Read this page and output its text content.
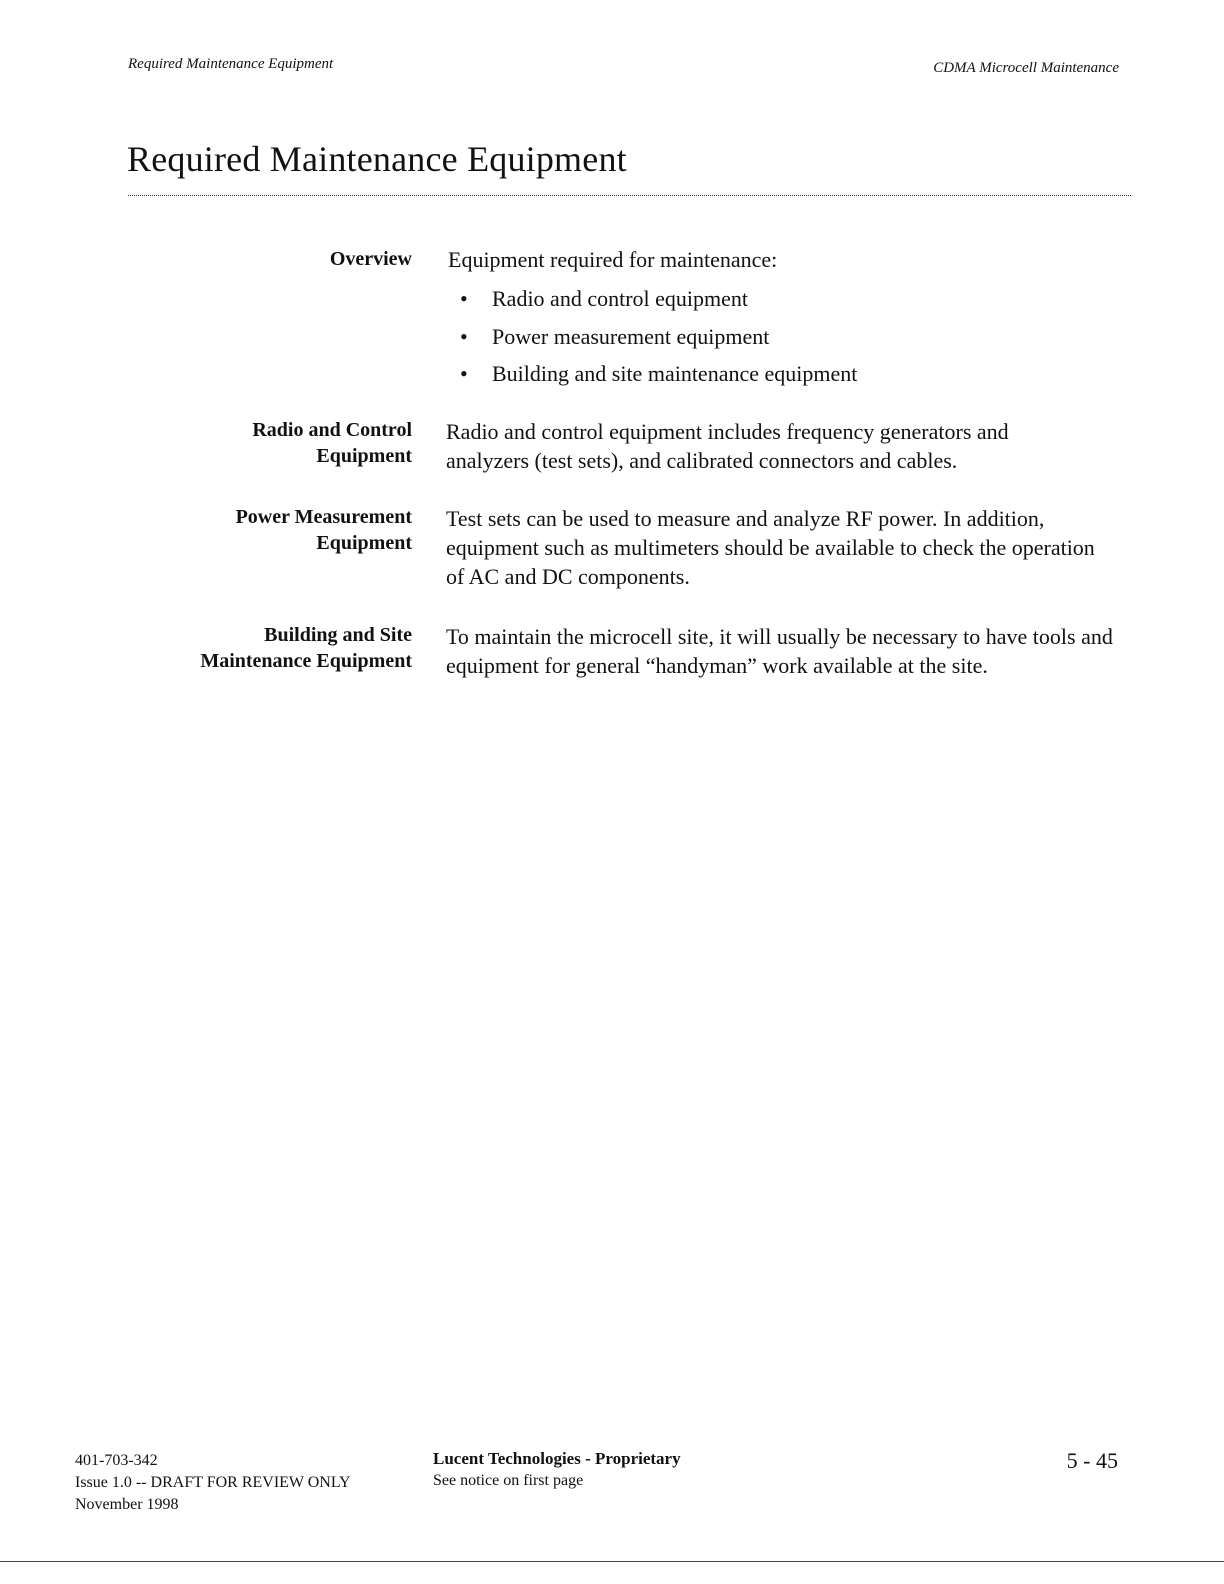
Required Maintenance Equipment	CDMA Microcell Maintenance
Required Maintenance Equipment
Overview Equipment required for maintenance:
• Radio and control equipment
• Power measurement equipment
• Building and site maintenance equipment
Radio and Control
Equipment
Radio and control equipment includes frequency generators and analyzers (test sets), and calibrated connectors and cables.
Power Measurement
Equipment
Test sets can be used to measure and analyze RF power. In addition, equipment such as multimeters should be available to check the operation of AC and DC components.
Building and Site
Maintenance Equipment
To maintain the microcell site, it will usually be necessary to have tools and equipment for general “handyman” work available at the site.
401-703-342
Issue 1.0 -- DRAFT FOR REVIEW ONLY
November 1998
Lucent Technologies - Proprietary
See notice on first page
5 - 45
